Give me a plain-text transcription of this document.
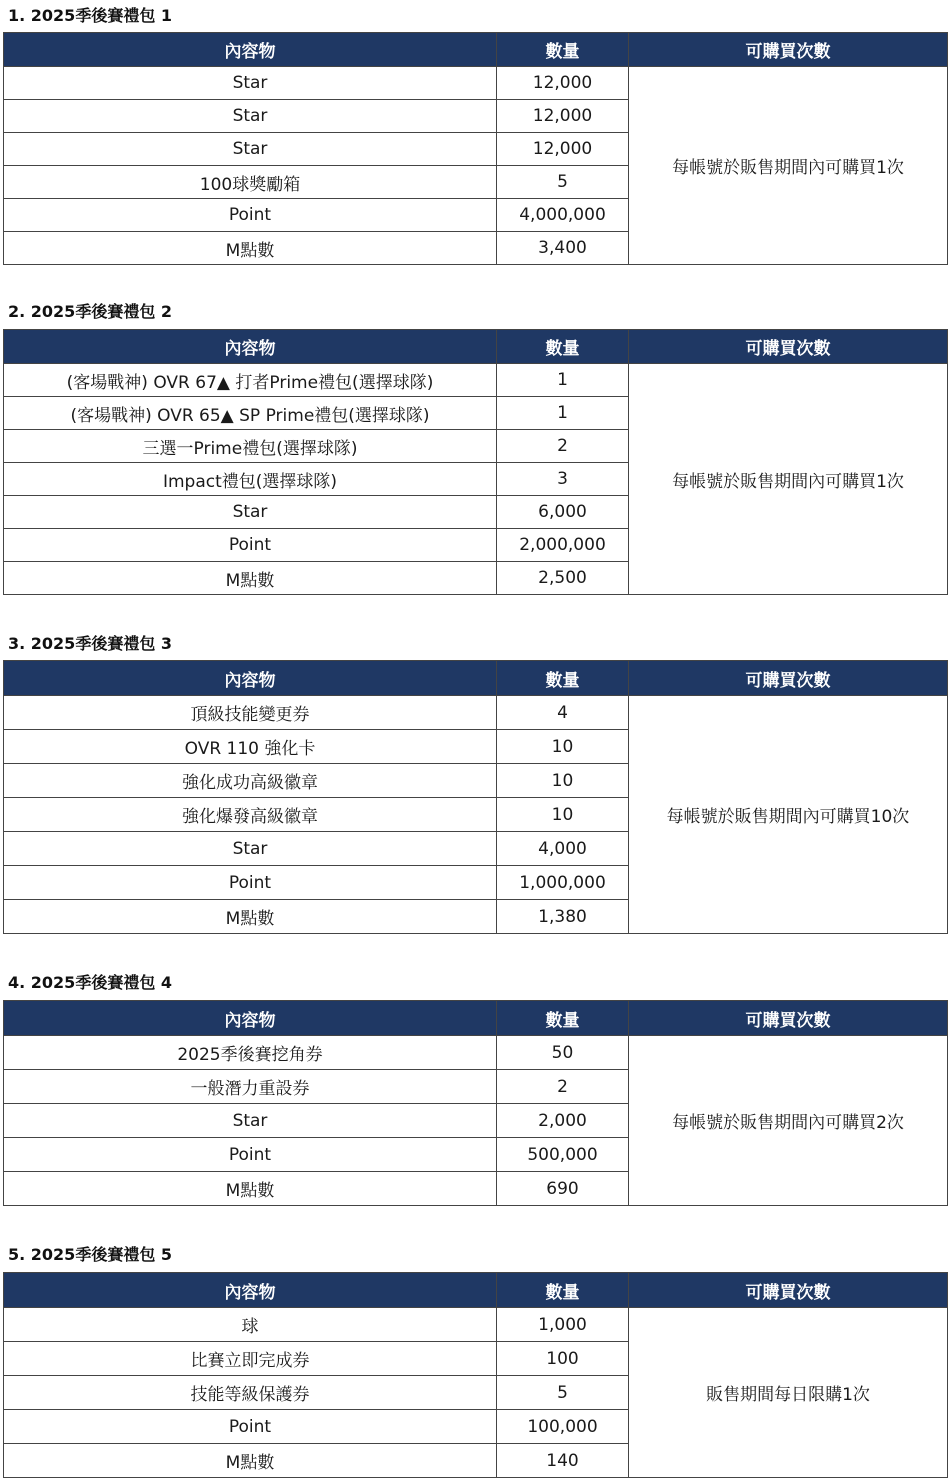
1. 2025季後賽禮包 1
內容物	數量	可購買次數
Star	12,000	每帳號於販售期間內可購買1次
Star	12,000	
Star	12,000	
100球獎勵箱	5	
Point	4,000,000	
M點數	3,400	
2. 2025季後賽禮包 2
內容物	數量	可購買次數
(客場戰神) OVR 67▲ 打者Prime禮包(選擇球隊)	1	每帳號於販售期間內可購買1次
(客場戰神) OVR 65▲ SP Prime禮包(選擇球隊)	1	
三選一Prime禮包(選擇球隊)	2	
Impact禮包(選擇球隊)	3	
Star	6,000	
Point	2,000,000	
M點數	2,500	
3. 2025季後賽禮包 3
內容物	數量	可購買次數
頂級技能變更券	4	每帳號於販售期間內可購買10次
OVR 110 強化卡	10	
強化成功高級徽章	10	
強化爆發高級徽章	10	
Star	4,000	
Point	1,000,000	
M點數	1,380	
4. 2025季後賽禮包 4
內容物	數量	可購買次數
2025季後賽挖角券	50	每帳號於販售期間內可購買2次
一般潛力重設券	2	
Star	2,000	
Point	500,000	
M點數	690	
5. 2025季後賽禮包 5
內容物	數量	可購買次數
球	1,000	販售期間每日限購1次
比賽立即完成券	100	
技能等級保護券	5	
Point	100,000	
M點數	140	
